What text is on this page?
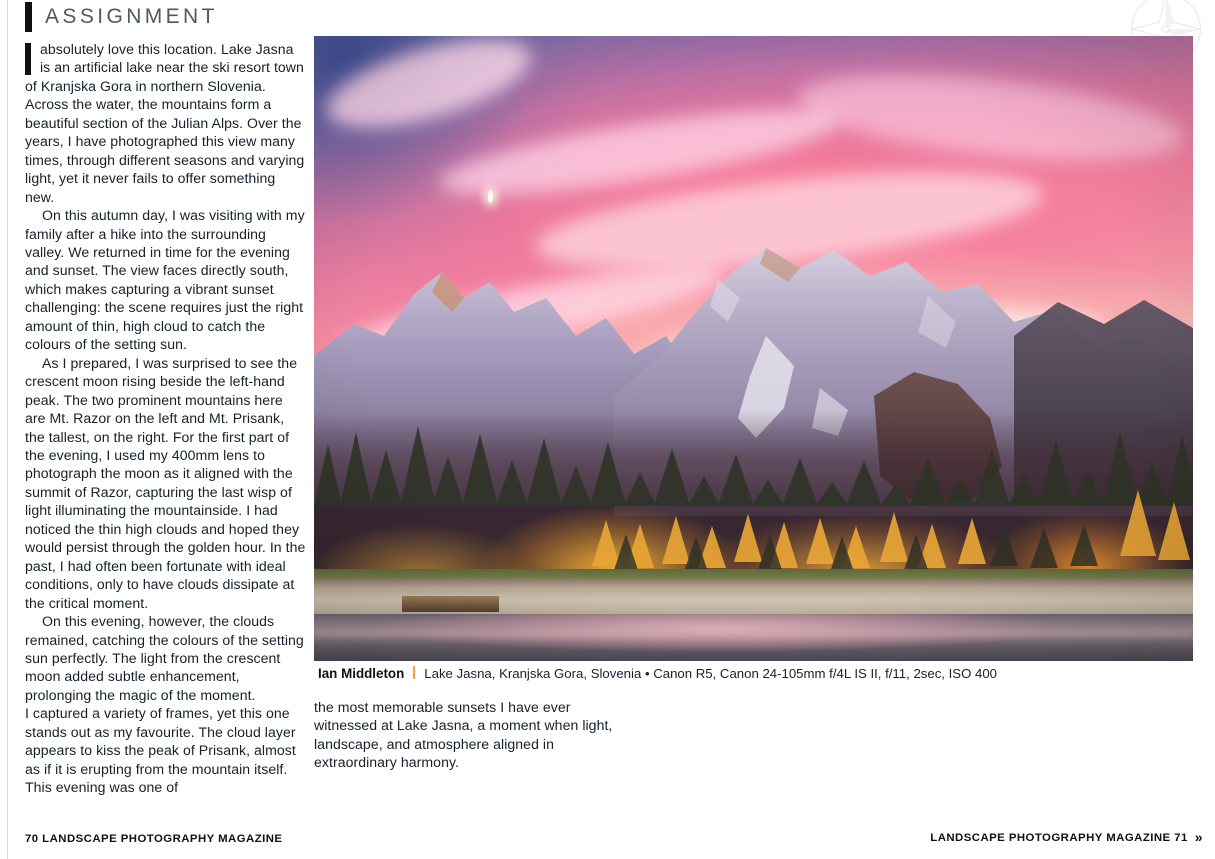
ASSIGNMENT

absolutely love this location. Lake Jasna is an artificial lake near the ski resort town of Kranjska Gora in northern Slovenia. Across the water, the mountains form a beautiful section of the Julian Alps. Over the years, I have photographed this view many times, through different seasons and varying light, yet it never fails to offer something new.

On this autumn day, I was visiting with my family after a hike into the surrounding valley. We returned in time for the evening and sunset. The view faces directly south, which makes capturing a vibrant sunset challenging: the scene requires just the right amount of thin, high cloud to catch the colours of the setting sun.

As I prepared, I was surprised to see the crescent moon rising beside the left-hand peak. The two prominent mountains here are Mt. Razor on the left and Mt. Prisank, the tallest, on the right. For the first part of the evening, I used my 400mm lens to photograph the moon as it aligned with the summit of Razor, capturing the last wisp of light illuminating the mountainside. I had noticed the thin high clouds and hoped they would persist through the golden hour. In the past, I had often been fortunate with ideal conditions, only to have clouds dissipate at the critical moment.

On this evening, however, the clouds remained, catching the colours of the setting sun perfectly. The light from the crescent moon added subtle enhancement, prolonging the magic of the moment.

I captured a variety of frames, yet this one stands out as my favourite. The cloud layer appears to kiss the peak of Prisank, almost as if it is erupting from the mountain itself. This evening was one of

Ian Middleton Lake Jasna, Kranjska Gora, Slovenia • Canon R5, Canon 24-105mm f/4L IS II, f/11, 2sec, ISO 400

the most memorable sunsets I have ever witnessed at Lake Jasna, a moment when light, landscape, and atmosphere aligned in extraordinary harmony.

70 LANDSCAPE PHOTOGRAPHY MAGAZINE	LANDSCAPE PHOTOGRAPHY MAGAZINE 71 »
